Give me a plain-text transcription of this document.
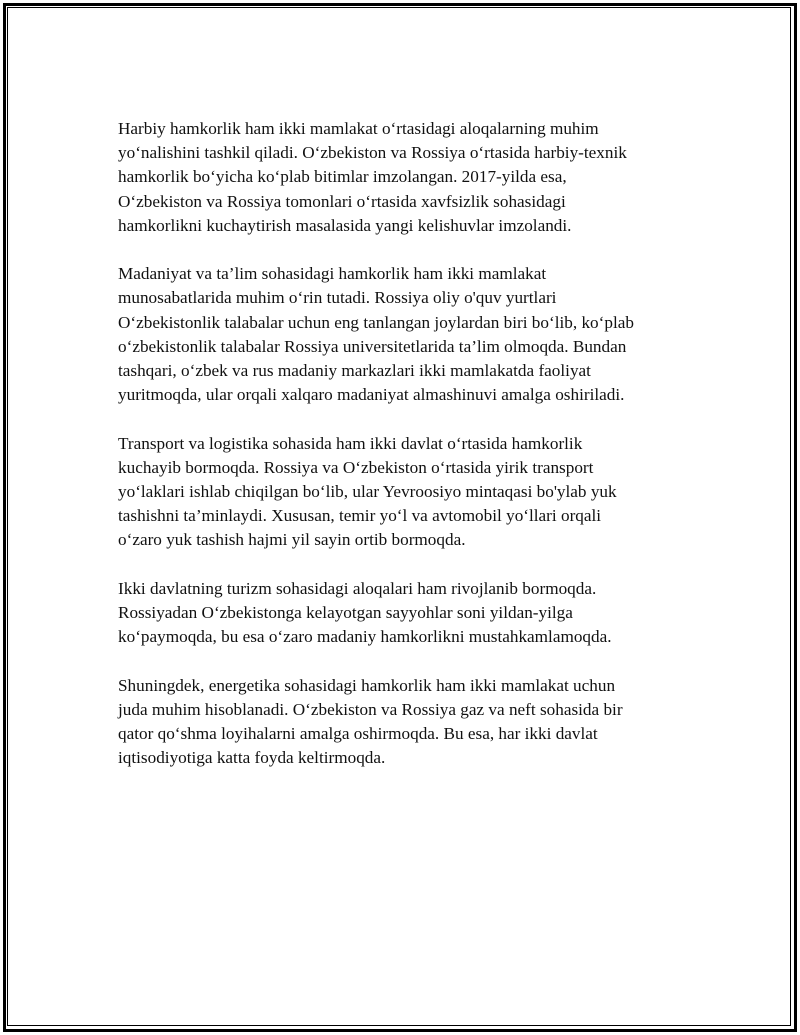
Harbiy hamkorlik ham ikki mamlakat o‘rtasidagi aloqalarning muhim
yo‘nalishini tashkil qiladi. O‘zbekiston va Rossiya o‘rtasida harbiy-texnik
hamkorlik bo‘yicha ko‘plab bitimlar imzolangan. 2017-yilda esa,
O‘zbekiston va Rossiya tomonlari o‘rtasida xavfsizlik sohasidagi
hamkorlikni kuchaytirish masalasida yangi kelishuvlar imzolandi.

Madaniyat va ta’lim sohasidagi hamkorlik ham ikki mamlakat
munosabatlarida muhim o‘rin tutadi. Rossiya oliy o'quv yurtlari
O‘zbekistonlik talabalar uchun eng tanlangan joylardan biri bo‘lib, ko‘plab
o‘zbekistonlik talabalar Rossiya universitetlarida ta’lim olmoqda. Bundan
tashqari, o‘zbek va rus madaniy markazlari ikki mamlakatda faoliyat
yuritmoqda, ular orqali xalqaro madaniyat almashinuvi amalga oshiriladi.

Transport va logistika sohasida ham ikki davlat o‘rtasida hamkorlik
kuchayib bormoqda. Rossiya va O‘zbekiston o‘rtasida yirik transport
yo‘laklari ishlab chiqilgan bo‘lib, ular Yevroosiyo mintaqasi bo'ylab yuk
tashishni ta’minlaydi. Xususan, temir yo‘l va avtomobil yo‘llari orqali
o‘zaro yuk tashish hajmi yil sayin ortib bormoqda.

Ikki davlatning turizm sohasidagi aloqalari ham rivojlanib bormoqda.
Rossiyadan O‘zbekistonga kelayotgan sayyohlar soni yildan-yilga
ko‘paymoqda, bu esa o‘zaro madaniy hamkorlikni mustahkamlamoqda.

Shuningdek, energetika sohasidagi hamkorlik ham ikki mamlakat uchun
juda muhim hisoblanadi. O‘zbekiston va Rossiya gaz va neft sohasida bir
qator qo‘shma loyihalarni amalga oshirmoqda. Bu esa, har ikki davlat
iqtisodiyotiga katta foyda keltirmoqda.
